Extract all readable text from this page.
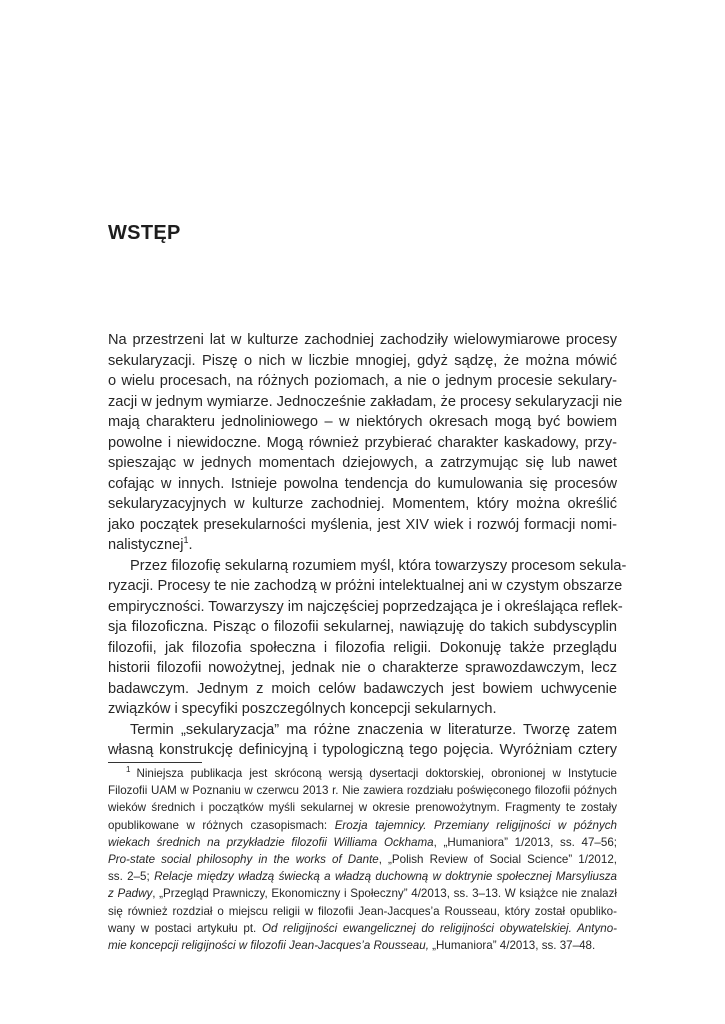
WSTĘP
Na przestrzeni lat w kulturze zachodniej zachodziły wielowymiarowe procesy
sekularyzacji. Piszę o nich w liczbie mnogiej, gdyż sądzę, że można mówić
o wielu procesach, na różnych poziomach, a nie o jednym procesie sekulary-
zacji w jednym wymiarze. Jednocześnie zakładam, że procesy sekularyzacji nie
mają charakteru jednoliniowego – w niektórych okresach mogą być bowiem
powolne i niewidoczne. Mogą również przybierać charakter kaskadowy, przy-
spieszając w jednych momentach dziejowych, a zatrzymując się lub nawet
cofając w innych. Istnieje powolna tendencja do kumulowania się procesów
sekularyzacyjnych w kulturze zachodniej. Momentem, który można określić
jako początek presekularności myślenia, jest XIV wiek i rozwój formacji nomi-
nalistycznej$^1$.
Przez filozofię sekularną rozumiem myśl, która towarzyszy procesom sekula-
ryzacji. Procesy te nie zachodzą w próżni intelektualnej ani w czystym obszarze
empiryczności. Towarzyszy im najczęściej poprzedzająca je i określająca reflek-
sja filozoficzna. Pisząc o filozofii sekularnej, nawiązuję do takich subdyscyplin
filozofii, jak filozofia społeczna i filozofia religii. Dokonuję także przeglądu
historii filozofii nowożytnej, jednak nie o charakterze sprawozdawczym, lecz
badawczym. Jednym z moich celów badawczych jest bowiem uchwycenie
związków i specyfiki poszczególnych koncepcji sekularnych.
Termin „sekularyzacja” ma różne znaczenia w literaturze. Tworzę zatem
własną konstrukcję definicyjną i typologiczną tego pojęcia. Wyróżniam cztery
$^1$ Niniejsza publikacja jest skróconą wersją dysertacji doktorskiej, obronionej w Instytucie
Filozofii UAM w Poznaniu w czerwcu 2013 r. Nie zawiera rozdziału poświęconego filozofii późnych
wieków średnich i początków myśli sekularnej w okresie prenowożytnym. Fragmenty te zostały
opublikowane w różnych czasopismach: Erozja tajemnicy. Przemiany religijności w późnych
wiekach średnich na przykładzie filozofii Williama Ockhama, „Humaniora” 1/2013, ss. 47–56;
Pro-state social philosophy in the works of Dante, „Polish Review of Social Science” 1/2012,
ss. 2–5; Relacje między władzą świecką a władzą duchowną w doktrynie społecznej Marsyliusza
z Padwy, „Przegląd Prawniczy, Ekonomiczny i Społeczny” 4/2013, ss. 3–13. W książce nie znalazł
się również rozdział o miejscu religii w filozofii Jean-Jacques’a Rousseau, który został opubliko-
wany w postaci artykułu pt. Od religijności ewangelicznej do religijności obywatelskiej. Antyno-
mie koncepcji religijności w filozofii Jean-Jacques’a Rousseau, „Humaniora” 4/2013, ss. 37–48.
